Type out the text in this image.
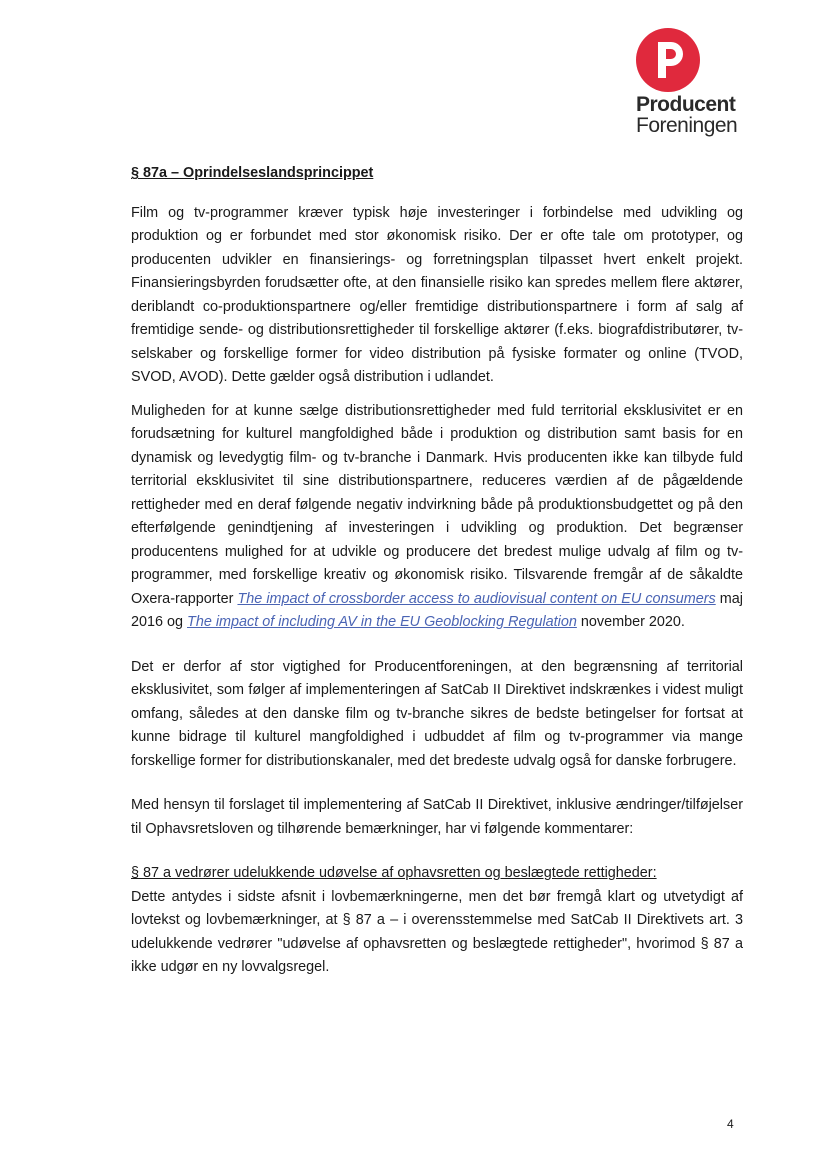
Producent
Foreningen
§ 87a – Oprindelseslandsprincippet

Film og tv-programmer kræver typisk høje investeringer i forbindelse med udvikling og produktion og er forbundet med stor økonomisk risiko. Der er ofte tale om prototyper, og producenten udvikler en finansierings- og forretningsplan tilpasset hvert enkelt projekt. Finansieringsbyrden forudsætter ofte, at den finansielle risiko kan spredes mellem flere aktører, deriblandt co-produktionspartnere og/eller fremtidige distributionspartnere i form af salg af fremtidige sende- og distributionsrettigheder til forskellige aktører (f.eks. biografdistributører, tv-selskaber og forskellige former for video distribution på fysiske formater og online (TVOD, SVOD, AVOD). Dette gælder også distribution i udlandet.

Muligheden for at kunne sælge distributionsrettigheder med fuld territorial eksklusivitet er en forudsætning for kulturel mangfoldighed både i produktion og distribution samt basis for en dynamisk og levedygtig film- og tv-branche i Danmark. Hvis producenten ikke kan tilbyde fuld territorial eksklusivitet til sine distributionspartnere, reduceres værdien af de pågældende rettigheder med en deraf følgende negativ indvirkning både på produktionsbudgettet og på den efterfølgende genindtjening af investeringen i udvikling og produktion. Det begrænser producentens mulighed for at udvikle og producere det bredest mulige udvalg af film og tv-programmer, med forskellige kreativ og økonomisk risiko. Tilsvarende fremgår af de såkaldte Oxera-rapporter The impact of crossborder access to audiovisual content on EU consumers maj 2016 og The impact of including AV in the EU Geoblocking Regulation november 2020.

Det er derfor af stor vigtighed for Producentforeningen, at den begrænsning af territorial eksklusivitet, som følger af implementeringen af SatCab II Direktivet indskrænkes i videst muligt omfang, således at den danske film og tv-branche sikres de bedste betingelser for fortsat at kunne bidrage til kulturel mangfoldighed i udbuddet af film og tv-programmer via mange forskellige former for distributionskanaler, med det bredeste udvalg også for danske forbrugere.

Med hensyn til forslaget til implementering af SatCab II Direktivet, inklusive ændringer/tilføjelser til Ophavsretsloven og tilhørende bemærkninger, har vi følgende kommentarer:

§ 87 a vedrører udelukkende udøvelse af ophavsretten og beslægtede rettigheder:

Dette antydes i sidste afsnit i lovbemærkningerne, men det bør fremgå klart og utvetydigt af lovtekst og lovbemærkninger, at § 87 a – i overensstemmelse med SatCab II Direktivets art. 3 udelukkende vedrører "udøvelse af ophavsretten og beslægtede rettigheder", hvorimod § 87 a ikke udgør en ny lovvalgsregel.

4
